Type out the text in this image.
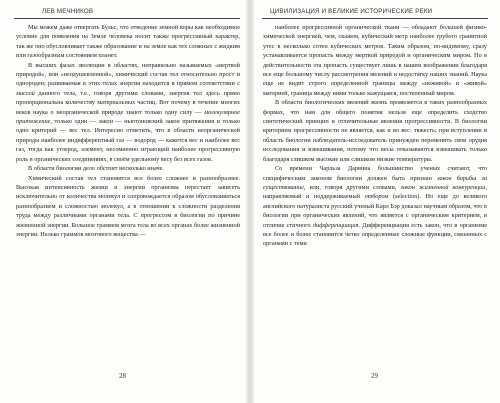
ЛЕВ МЕЧНИКОВ

Мы можем даже отвергать Бульс, что отведение земной коры как необходимое условие для появления на Земле человека носит также прогрессивный характер, так же оно обусловливает также образование и на земле как тех сложных с жидким или газообразным состоянием планет.

В высших фазах эволюции в областях, неправильно называемых «мертвой природой», или «неодушевленной», химический состав тел относительно прост и однороден; развиваемая в этих телах энергия находится в прямом соответствии с массой данного тела, т.е., говоря другими словами, энергия тел здесь прямо пропорциональна количеству материальных частиц. Вот почему в течение многих веков наука о неорганической природе знают только одну силу — молекулярное притяжение, только один — закон — ньютоновский закон притяжения и только одно критерий — вес тел. Интересно отметить, что в области неорганической природы наиболее индифферентный газ — водород — кажется вес и наиболее вес газ, тогда как углерод, элемент, несомненно играющий наиболее прогрессивную роль в органических соединениях, в своём удельному весу без всех газов.

В области биологии дело обстоит несколько иначе.

Химический состав тел становится все более сложнее и разнообразнее. Высокая интенсивность жизни и энергии организма перестает зависеть исключительно от количества молекул и сопровождается образом обусловливаться разнообразием и сложностью молекул, а в отношении к сложности разделения труда между различными органами тела. С прогрессом в биологии по причине жизненной энергии. Большое граммов мозга тела во всех органах более жизненной энергии. Нелько граммов мозгового вещества —

28
ЦИВИЛИЗАЦИЯ И ВЕЛИКИЕ ИСТОРИЧЕСКИЕ РЕКИ

наиболее прогрессивной органической ткани — обладают большей физико-химической энергией, чем, скажем, кубический метр наиболее грубого гранитной утес в несколько сотен кубических метров. Таким образом, по-видимому, сразу устанавливается пропасть между мертвой природой и органическим миром. Но в действительности эта пропасть существует лишь в нашем воображении благодаря все еще большому числу рассмотрения явлений и недостатку наших знаний. Наука еще не видит строго определенной границы между «неживой» и «живой» материей, граница между ними только кажущаяся, постепенный миром.

В области биологических явлений жизнь проявляется в таких разнообразных формах, что нам для общего понятия нельзя еще определить сходство синтетический принцип и отличительные явления прогрессивности. В биологии критерием прогрессивности не является, как и во вес: тяжесть; при вступлении в область биологии наблюдатель-исследователь принужден переменить свои орудия исследования и взвешивания, потому что весы отказываются взвешивать только благодаря слишком высокие или слишком низкие температуры.

Со времени Чарльза Дарвина большинство ученых считают, что специфическим законом биологии должен быть признан закон борьбы за существование, или, говоря другими словами, закон жизненной конкуренции, направляемый и поддерживаемый отбором (selection). Но еще до великого английского натуралиста русский ученый Карл Бэр доказал научным образом, что в биологии при органических явлений, что является с органическим критерием, в отличие стичного дифференциация. Дифференциация есть закон, что в организме все более и более становится четко определенные сложные функции, связанных с органами с теми

29
